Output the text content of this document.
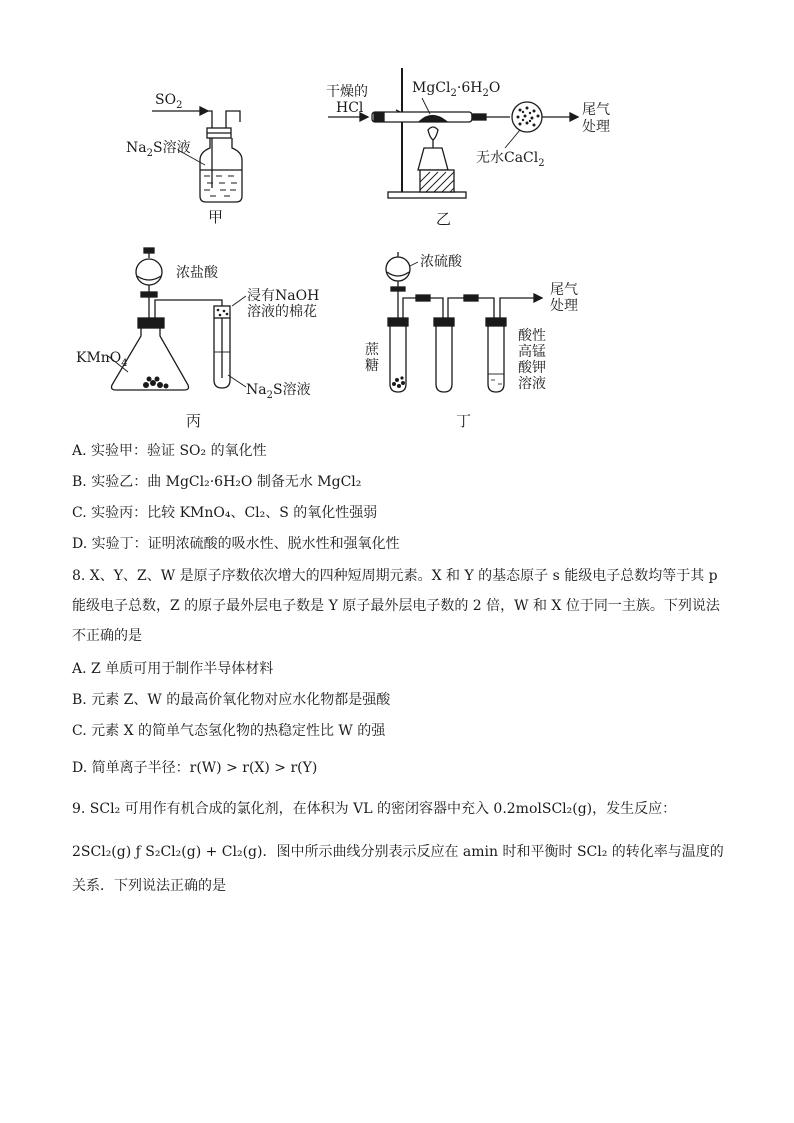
$SO_2$
$Na_2S$溶液
甲
干燥的
HCl
$MgCl_2\cdot 6H_2O$
无水CaCl$_2$
尾气
处理
乙
浓盐酸
浸有NaOH
溶液的棉花
KMnO$_4$
$Na_2S$溶液
丙
浓硫酸
尾气
处理
蔗
糖
酸性
高锰
酸钾
溶液
丁
A. 实验甲：验证 SO₂ 的氧化性
B. 实验乙：曲 MgCl₂·6H₂O 制备无水 MgCl₂
C. 实验丙：比较 KMnO₄、Cl₂、S 的氧化性强弱
D. 实验丁：证明浓硫酸的吸水性、脱水性和强氧化性
8. X、Y、Z、W 是原子序数依次增大的四种短周期元素。X 和 Y 的基态原子 s 能级电子总数均等于其 p 能级电子总数，Z 的原子最外层电子数是 Y 原子最外层电子数的 2 倍，W 和 X 位于同一主族。下列说法不正确的是
A. Z 单质可用于制作半导体材料
B. 元素 Z、W 的最高价氧化物对应水化物都是强酸
C. 元素 X 的简单气态氢化物的热稳定性比 W 的强
D. 简单离子半径：r(W) > r(X) > r(Y)
9. SCl₂ 可用作有机合成的氯化剂，在体积为 VL 的密闭容器中充入 0.2molSCl₂(g)，发生反应：
2SCl₂(g) ƒ S₂Cl₂(g) + Cl₂(g)．图中所示曲线分别表示反应在 amin 时和平衡时 SCl₂ 的转化率与温度的
关系．下列说法正确的是
